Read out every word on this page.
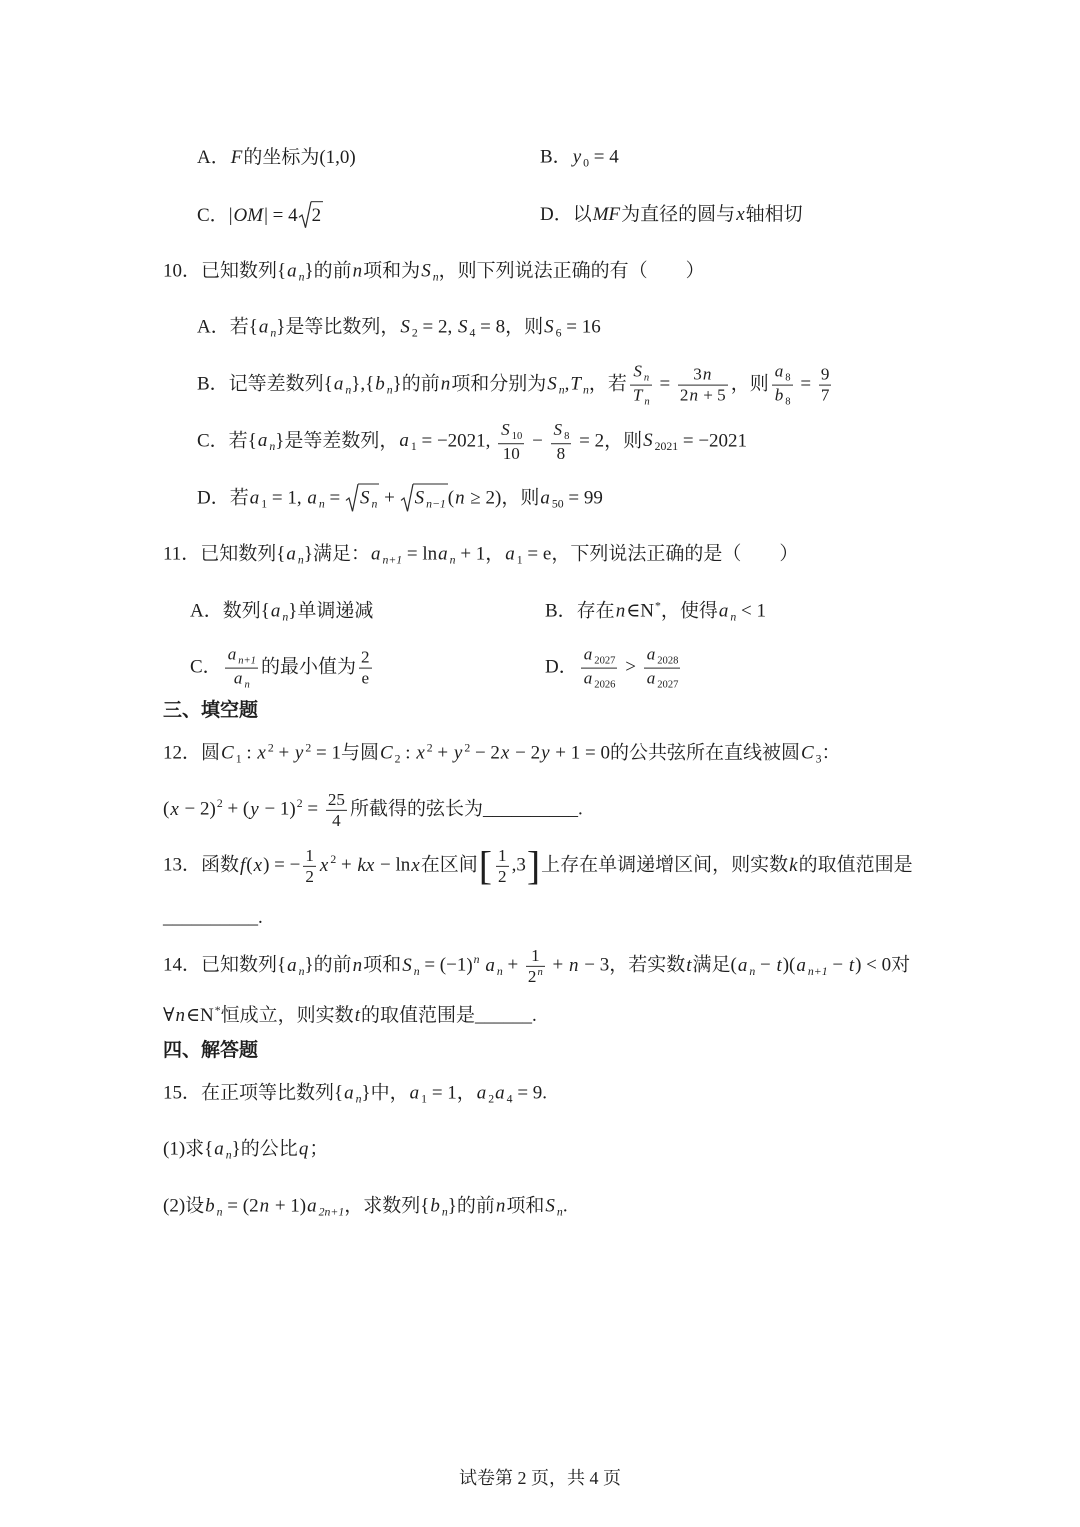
A．F的坐标为(1,0)	B．y $_0$ = 4
C．|OM| = 4 2	D．以MF为直径的圆与x轴相切
10．已知数列{a $_n$}的前n项和为S $_n$，则下列说法正确的有（　　）
A．若{a $_n$}是等比数列，S $_2$ = 2, S $_4$ = 8，则S $_6$ = 16
B．记等差数列{a $_n$},{b $_n$}的前n项和分别为S $_n$,T $_n$，若 $\frac{S _n}{T _n} = \frac{3n}{2n + 5}$ ，则 $\frac{a _8}{b _8} = \frac{9}{7}$
C．若{a $_n$}是等差数列，a $_1$ = −2021, $\frac{S _{10}}{10} - \frac{S _8}{8} = 2$，则S $_{2021}$ = −2021
D．若a $_1$ = 1, a $_n$ =
S $_n$ +
S $_{n-1}$ (n ≥ 2)，则a $_{50}$ = 99
11．已知数列{a $_n$}满足：a $_{n+1}$ = lna $_n$ + 1，a $_1$ = e，下列说法正确的是（　　）
A．数列{a $_n$}单调递减	B．存在n∈N*，使得a $_n$ < 1
C． $\frac{a _{n+1}}{a _n}$ 的最小值为 $\frac{2}{e}$	D． $\frac{a _{2027}}{a _{2026}} > \frac{a _{2028}}{a _{2027}}$
三、填空题
12．圆C $_1$ : x $^2$ + y $^2$ = 1与圆C $_2$ : x $^2$ + y $^2$ − 2x − 2y + 1 = 0的公共弦所在直线被圆C $_3$：
$(x - 2)^2 + (y - 1)^2 = \frac{25}{4}$ 所截得的弦长为__________.
13．函数f(x) = − $\frac{1}{2}$ x $^2$ + kx − lnx在区间[ $\frac{1}{2} ,3$]上存在单调递增区间，则实数k的取值范围是
__________.
14．已知数列{a $_n$}的前n项和S $_n = (-1)^n$ a $_n + \frac{1}{2^n} + n - 3$，若实数t满足(a $_n$ − t)(a $_{n+1}$ − t) < 0对
∀n∈N*恒成立，则实数t的取值范围是______.
四、解答题
15．在正项等比数列{a $_n$}中，a $_1$ = 1，a $_2$a $_4$ = 9.
(1)求{a $_n$}的公比q；
(2)设b $_n$ = (2n + 1)a $_{2n+1}$，求数列{b $_n$}的前n项和S $_n$.
试卷第 2 页，共 4 页
